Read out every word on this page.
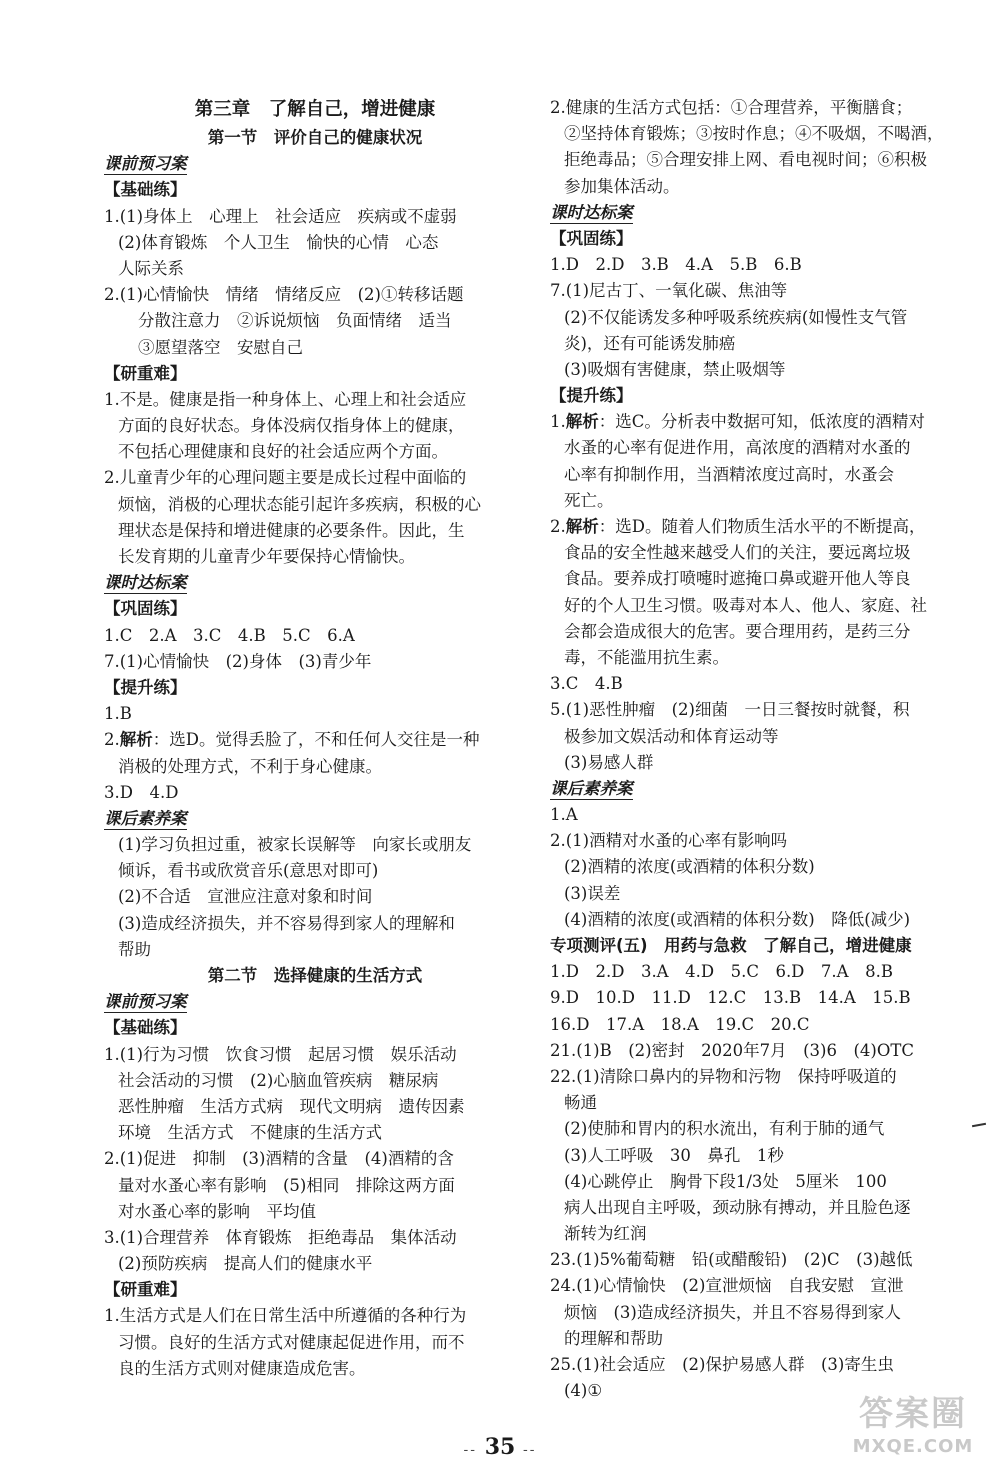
第三章　了解自己，增进健康
第一节　评价自己的健康状况
课前预习案
【基础练】
1.(1)身体上　心理上　社会适应　疾病或不虚弱
(2)体育锻炼　个人卫生　愉快的心情　心态
人际关系
2.(1)心情愉快　情绪　情绪反应　(2)①转移话题
分散注意力　②诉说烦恼　负面情绪　适当
③愿望落空　安慰自己
【研重难】
1.不是。健康是指一种身体上、心理上和社会适应
方面的良好状态。身体没病仅指身体上的健康，
不包括心理健康和良好的社会适应两个方面。
2.儿童青少年的心理问题主要是成长过程中面临的
烦恼，消极的心理状态能引起许多疾病，积极的心
理状态是保持和增进健康的必要条件。因此，生
长发育期的儿童青少年要保持心情愉快。
课时达标案
【巩固练】
1.C　2.A　3.C　4.B　5.C　6.A
7.(1)心情愉快　(2)身体　(3)青少年
【提升练】
1.B
2.解析：选D。觉得丢脸了，不和任何人交往是一种
消极的处理方式，不利于身心健康。
3.D　4.D
课后素养案
(1)学习负担过重，被家长误解等　向家长或朋友
倾诉，看书或欣赏音乐(意思对即可)
(2)不合适　宣泄应注意对象和时间
(3)造成经济损失，并不容易得到家人的理解和
帮助
第二节　选择健康的生活方式
课前预习案
【基础练】
1.(1)行为习惯　饮食习惯　起居习惯　娱乐活动
社会活动的习惯　(2)心脑血管疾病　糖尿病
恶性肿瘤　生活方式病　现代文明病　遗传因素
环境　生活方式　不健康的生活方式
2.(1)促进　抑制　(3)酒精的含量　(4)酒精的含
量对水蚤心率有影响　(5)相同　排除这两方面
对水蚤心率的影响　平均值
3.(1)合理营养　体育锻炼　拒绝毒品　集体活动
(2)预防疾病　提高人们的健康水平
【研重难】
1.生活方式是人们在日常生活中所遵循的各种行为
习惯。良好的生活方式对健康起促进作用，而不
良的生活方式则对健康造成危害。
2.健康的生活方式包括：①合理营养，平衡膳食；
②坚持体育锻炼；③按时作息；④不吸烟，不喝酒，
拒绝毒品；⑤合理安排上网、看电视时间；⑥积极
参加集体活动。
课时达标案
【巩固练】
1.D　2.D　3.B　4.A　5.B　6.B
7.(1)尼古丁、一氧化碳、焦油等
(2)不仅能诱发多种呼吸系统疾病(如慢性支气管
炎)，还有可能诱发肺癌
(3)吸烟有害健康，禁止吸烟等
【提升练】
1.解析：选C。分析表中数据可知，低浓度的酒精对
水蚤的心率有促进作用，高浓度的酒精对水蚤的
心率有抑制作用，当酒精浓度过高时，水蚤会
死亡。
2.解析：选D。随着人们物质生活水平的不断提高，
食品的安全性越来越受人们的关注，要远离垃圾
食品。要养成打喷嚏时遮掩口鼻或避开他人等良
好的个人卫生习惯。吸毒对本人、他人、家庭、社
会都会造成很大的危害。要合理用药，是药三分
毒，不能滥用抗生素。
3.C　4.B
5.(1)恶性肿瘤　(2)细菌　一日三餐按时就餐，积
极参加文娱活动和体育运动等
(3)易感人群
课后素养案
1.A
2.(1)酒精对水蚤的心率有影响吗
(2)酒精的浓度(或酒精的体积分数)
(3)误差
(4)酒精的浓度(或酒精的体积分数)　降低(减少)
专项测评(五)　用药与急救　了解自己，增进健康
1.D　2.D　3.A　4.D　5.C　6.D　7.A　8.B
9.D　10.D　11.D　12.C　13.B　14.A　15.B
16.D　17.A　18.A　19.C　20.C
21.(1)B　(2)密封　2020年7月　(3)6　(4)OTC
22.(1)清除口鼻内的异物和污物　保持呼吸道的
畅通
(2)使肺和胃内的积水流出，有利于肺的通气
(3)人工呼吸　30　鼻孔　1秒
(4)心跳停止　胸骨下段1/3处　5厘米　100
病人出现自主呼吸，颈动脉有搏动，并且脸色逐
渐转为红润
23.(1)5%葡萄糖　铅(或醋酸铅)　(2)C　(3)越低
24.(1)心情愉快　(2)宣泄烦恼　自我安慰　宣泄
烦恼　(3)造成经济损失，并且不容易得到家人
的理解和帮助
25.(1)社会适应　(2)保护易感人群　(3)寄生虫
(4)①
-- 35 --
答案圈
MXQE.COM
